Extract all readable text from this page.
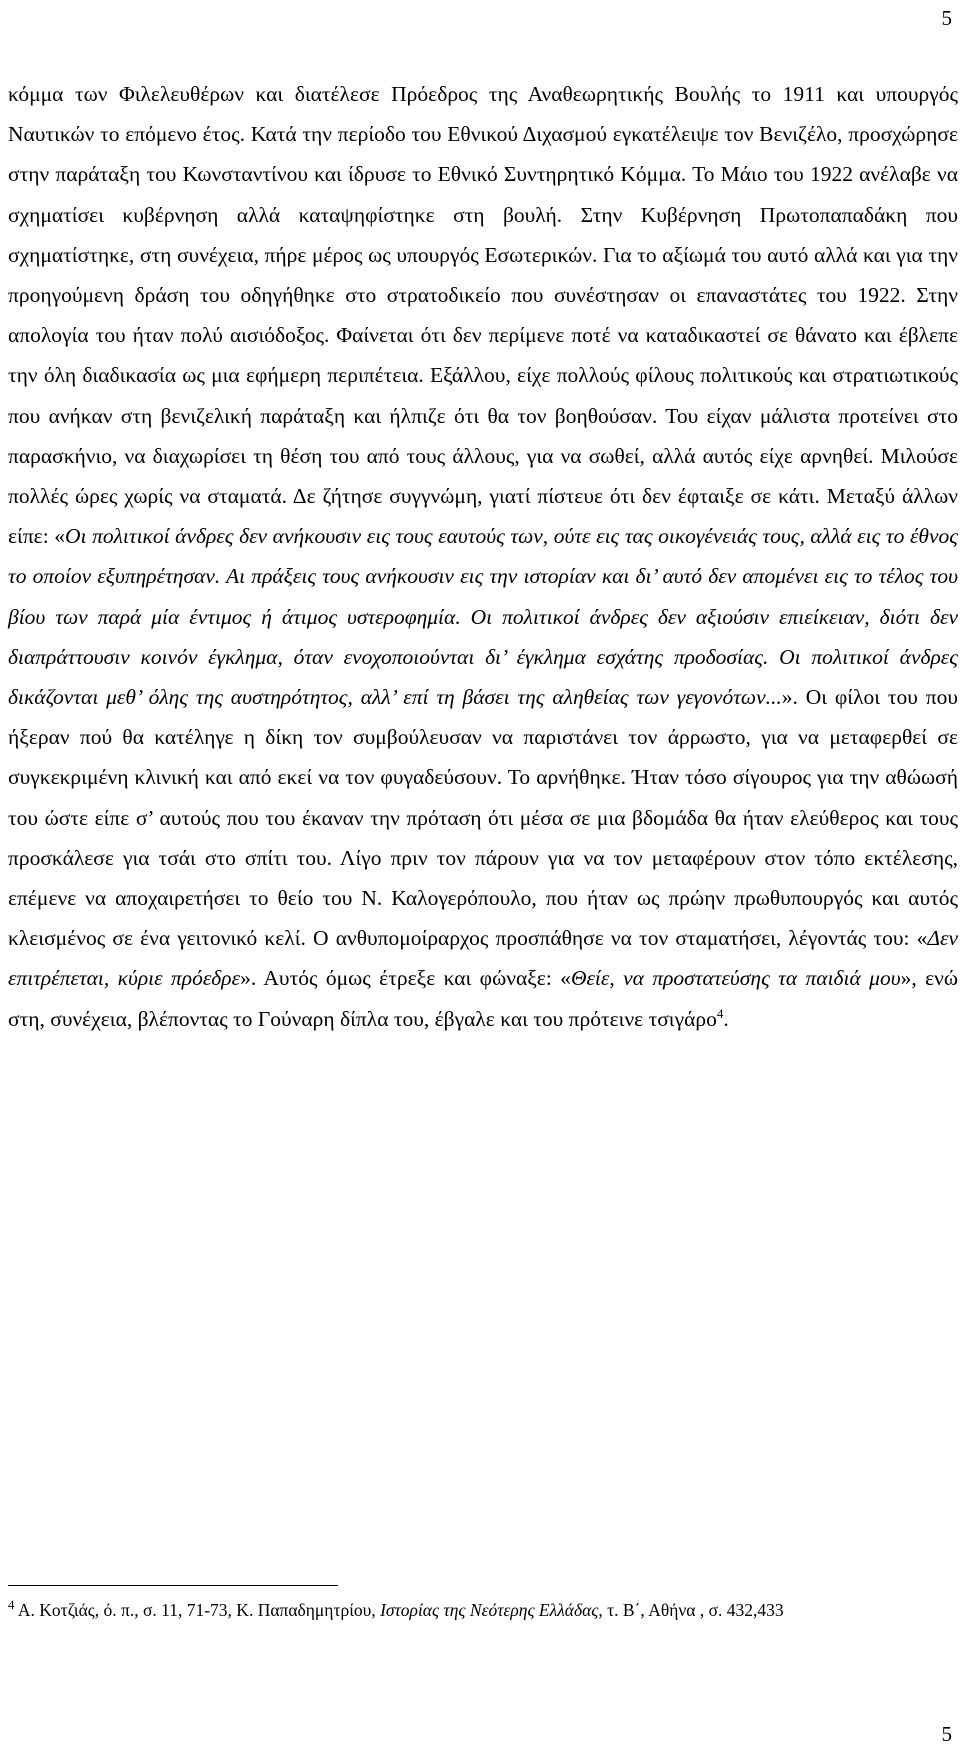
5

κόμμα των Φιλελευθέρων και διατέλεσε Πρόεδρος της Αναθεωρητικής Βουλής το 1911 και υπουργός Ναυτικών το επόμενο έτος. Κατά την περίοδο του Εθνικού Διχασμού εγκατέλειψε τον Βενιζέλο, προσχώρησε στην παράταξη του Κωνσταντίνου και ίδρυσε το Εθνικό Συντηρητικό Κόμμα. Το Μάιο του 1922 ανέλαβε να σχηματίσει κυβέρνηση αλλά καταψηφίστηκε στη βουλή. Στην Κυβέρνηση Πρωτοπαπαδάκη που σχηματίστηκε, στη συνέχεια, πήρε μέρος ως υπουργός Εσωτερικών. Για το αξίωμά του αυτό αλλά και για την προηγούμενη δράση του οδηγήθηκε στο στρατοδικείο που συνέστησαν οι επαναστάτες του 1922. Στην απολογία του ήταν πολύ αισιόδοξος. Φαίνεται ότι δεν περίμενε ποτέ να καταδικαστεί σε θάνατο και έβλεπε την όλη διαδικασία ως μια εφήμερη περιπέτεια. Εξάλλου, είχε πολλούς φίλους πολιτικούς και στρατιωτικούς που ανήκαν στη βενιζελική παράταξη και ήλπιζε ότι θα τον βοηθούσαν. Του είχαν μάλιστα προτείνει στο παρασκήνιο, να διαχωρίσει τη θέση του από τους άλλους, για να σωθεί, αλλά αυτός είχε αρνηθεί. Μιλούσε πολλές ώρες χωρίς να σταματά. Δε ζήτησε συγγνώμη, γιατί πίστευε ότι δεν έφταιξε σε κάτι. Μεταξύ άλλων είπε: «Οι πολιτικοί άνδρες δεν ανήκουσιν εις τους εαυτούς των, ούτε εις τας οικογένειάς τους, αλλά εις το έθνος το οποίον εξυπηρέτησαν. Αι πράξεις τους ανήκουσιν εις την ιστορίαν και δι’ αυτό δεν απομένει εις το τέλος του βίου των παρά μία έντιμος ή άτιμος υστεροφημία. Οι πολιτικοί άνδρες δεν αξιούσιν επιείκειαν, διότι δεν διαπράττουσιν κοινόν έγκλημα, όταν ενοχοποιούνται δι’ έγκλημα εσχάτης προδοσίας. Οι πολιτικοί άνδρες δικάζονται μεθ’ όλης της αυστηρότητος, αλλ’ επί τη βάσει της αληθείας των γεγονότων...». Οι φίλοι του που ήξεραν πού θα κατέληγε η δίκη τον συμβούλευσαν να παριστάνει τον άρρωστο, για να μεταφερθεί σε συγκεκριμένη κλινική και από εκεί να τον φυγαδεύσουν. Το αρνήθηκε. Ήταν τόσο σίγουρος για την αθώωσή του ώστε είπε σ’ αυτούς που του έκαναν την πρόταση ότι μέσα σε μια βδομάδα θα ήταν ελεύθερος και τους προσκάλεσε για τσάι στο σπίτι του. Λίγο πριν τον πάρουν για να τον μεταφέρουν στον τόπο εκτέλεσης, επέμενε να αποχαιρετήσει το θείο του Ν. Καλογερόπουλο, που ήταν ως πρώην πρωθυπουργός και αυτός κλεισμένος σε ένα γειτονικό κελί. Ο ανθυπομοίραρχος προσπάθησε να τον σταματήσει, λέγοντάς του: «Δεν επιτρέπεται, κύριε πρόεδρε». Αυτός όμως έτρεξε και φώναξε: «Θείε, να προστατεύσης τα παιδιά μου», ενώ στη, συνέχεια, βλέποντας το Γούναρη δίπλα του, έβγαλε και του πρότεινε τσιγάρο$^4$.

$^4$ Α. Κοτζιάς, ό. π., σ. 11, 71-73, Κ. Παπαδημητρίου, Ιστορίας της Νεότερης Ελλάδας, τ. Β΄, Αθήνα , σ. 432,433
5
